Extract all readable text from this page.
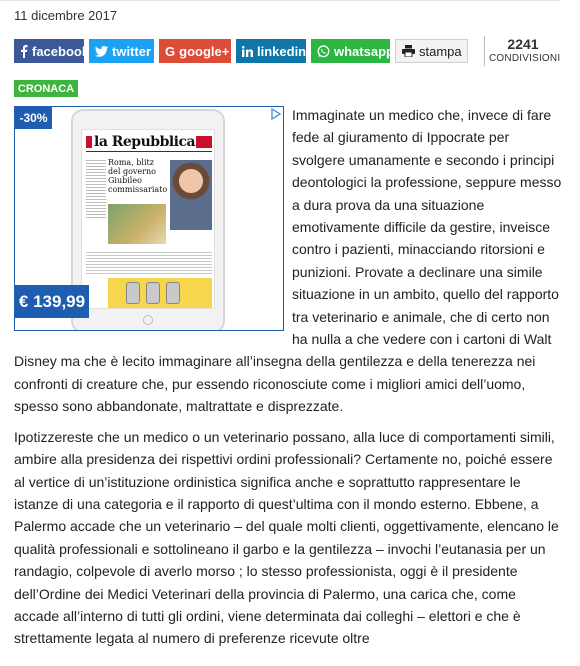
11 dicembre 2017
facebook twitter G google+ linkedin whatsapp stampa	2241
CONDIVISIONI
CRONACA

Immaginate un medico che, invece di fare fede al giuramento di Ippocrate per svolgere umanamente e secondo i principi deontologici la professione, seppure messo a dura prova da una situazione emotivamente difficile da gestire, inveisce contro i pazienti, minacciando ritorsioni e punizioni. Provate a declinare una simile situazione in un ambito, quello del rapporto tra veterinario e animale, che di certo non ha nulla a che vedere con i cartoni di Walt Disney ma che è lecito immaginare all’insegna della gentilezza e della tenerezza nei confronti di creature che, pur essendo riconosciute come i migliori amici dell’uomo, spesso sono abbandonate, maltrattate e disprezzate.

Ipotizzereste che un medico o un veterinario possano, alla luce di comportamenti simili, ambire alla presidenza dei rispettivi ordini professionali? Certamente no, poiché essere al vertice di un’istituzione ordinistica significa anche e soprattutto rappresentare le istanze di una categoria e il rapporto di quest’ultima con il mondo esterno. Ebbene, a Palermo accade che un veterinario – del quale molti clienti, oggettivamente, elencano le qualità professionali e sottolineano il garbo e la gentilezza – invochi l’eutanasia per un randagio, colpevole di averlo morso ; lo stesso professionista, oggi è il presidente dell’Ordine dei Medici Veterinari della provincia di Palermo, una carica che, come accade all’interno di tutti gli ordini, viene determinata dai colleghi – elettori e che è strettamente legata al numero di preferenze ricevute oltre

la Repubblica
Roma, blitz del governo Giubileo commissariato
-30%
€ 139,99
